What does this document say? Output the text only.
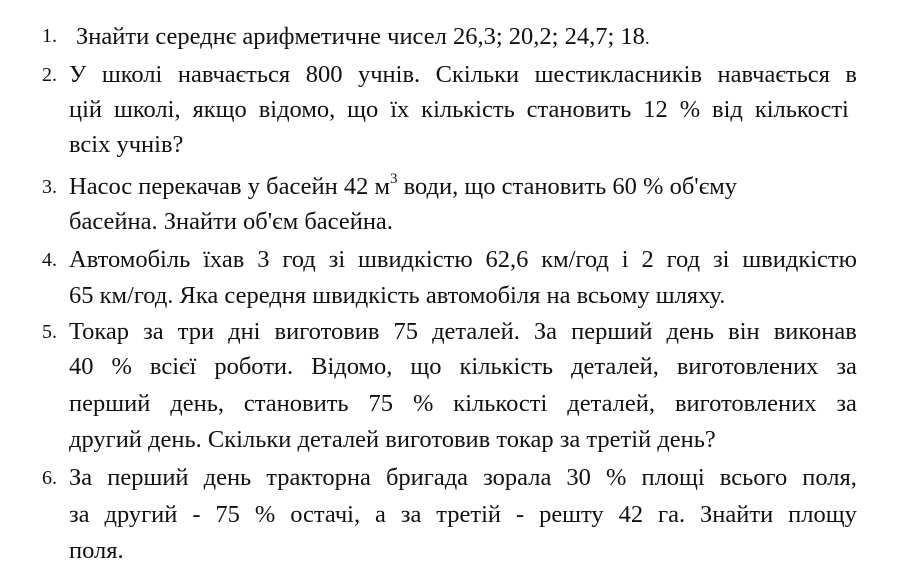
1. Знайти середнє арифметичне чисел 26,3; 20,2; 24,7; 18.
2. У школі навчається 800 учнів. Скільки шестикласників навчається в
цій школі, якщо відомо, що їх кількість становить 12 % від кількості
всіх учнів?
3. Насос перекачав у басейн 42 $м^3$ води, що становить 60 % об'єму
басейна. Знайти об'єм басейна.
4. Автомобіль їхав 3 год зі швидкістю 62,6 км/год і 2 год зі швидкістю
65 км/год. Яка середня швидкість автомобіля на всьому шляху.
5. Токар за три дні виготовив 75 деталей. За перший день він виконав
40 % всієї роботи. Відомо, що кількість деталей, виготовлених за
перший день, становить 75 % кількості деталей, виготовлених за
другий день. Скільки деталей виготовив токар за третій день?
6. За перший день тракторна бригада зорала 30 % площі всього поля,
за другий - 75 % остачі, а за третій - решту 42 га. Знайти площу
поля.
